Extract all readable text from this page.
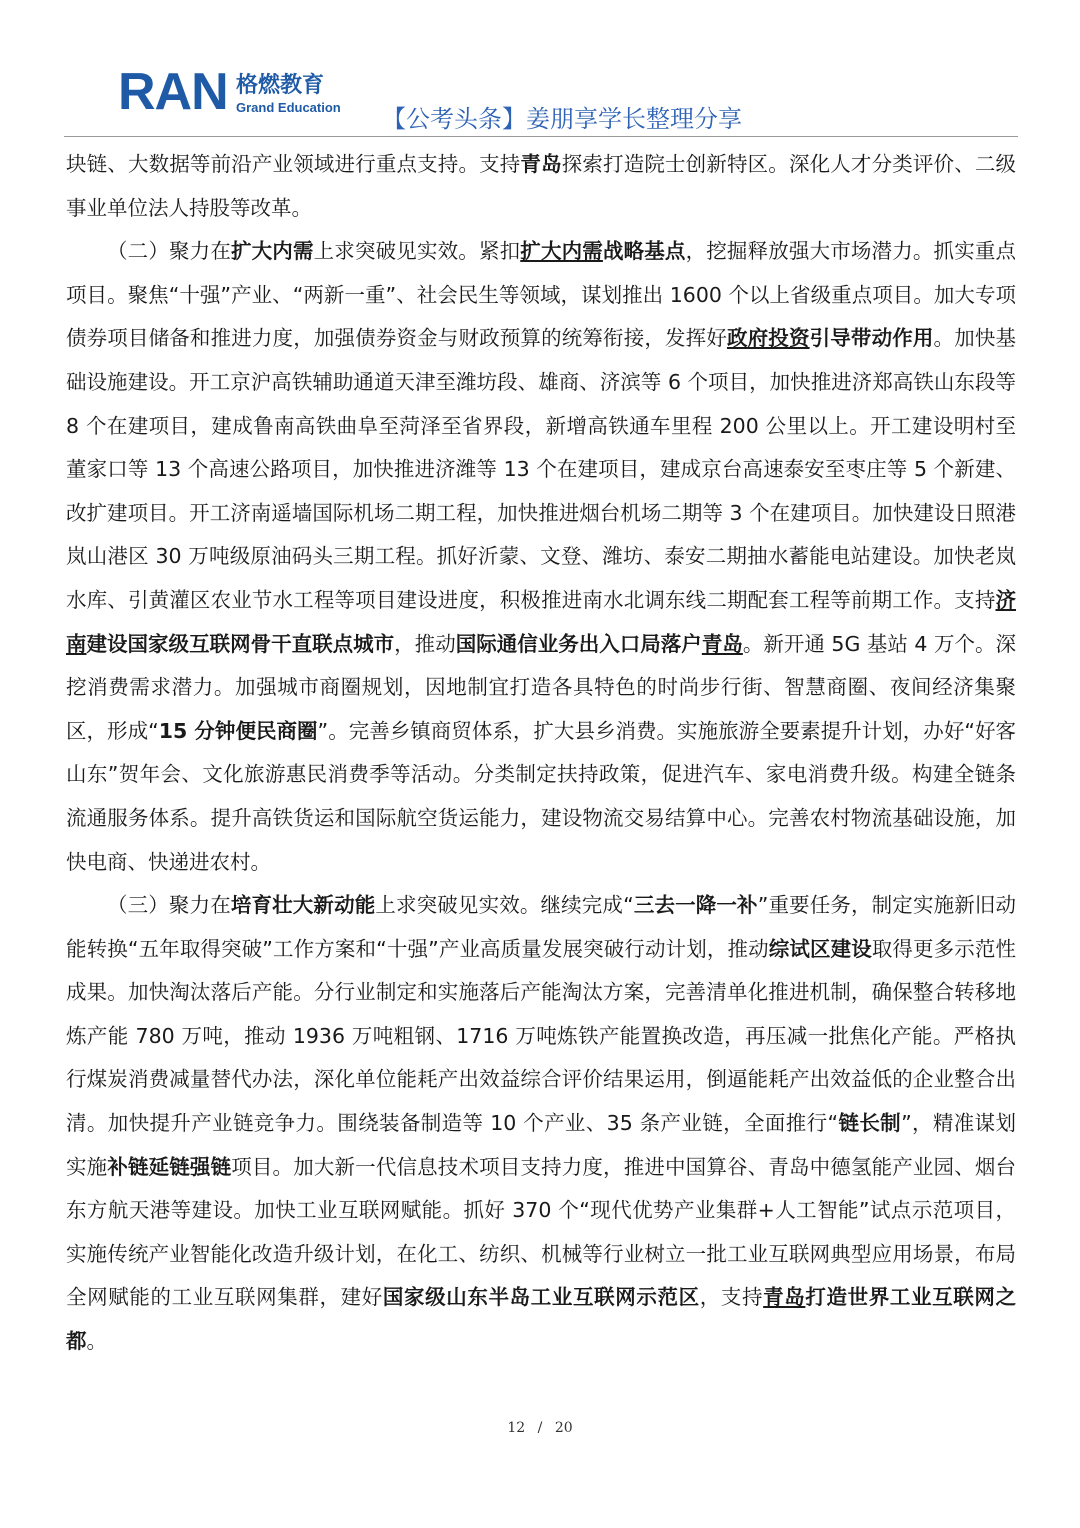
RAN 格燃教育
Grand Education 【公考头条】姜朋享学长整理分享

块链、大数据等前沿产业领域进行重点支持。支持青岛探索打造院士创新特区。深化人才分类评价、二级事业单位法人持股等改革。

（二）聚力在扩大内需上求突破见实效。紧扣扩大内需战略基点，挖掘释放强大市场潜力。抓实重点项目。聚焦“十强”产业、“两新一重”、社会民生等领域，谋划推出 1600 个以上省级重点项目。加大专项债券项目储备和推进力度，加强债券资金与财政预算的统筹衔接，发挥好政府投资引导带动作用。加快基础设施建设。开工京沪高铁辅助通道天津至潍坊段、雄商、济滨等 6 个项目，加快推进济郑高铁山东段等 8 个在建项目，建成鲁南高铁曲阜至菏泽至省界段，新增高铁通车里程 200 公里以上。开工建设明村至董家口等 13 个高速公路项目，加快推进济潍等 13 个在建项目，建成京台高速泰安至枣庄等 5 个新建、改扩建项目。开工济南遥墙国际机场二期工程，加快推进烟台机场二期等 3 个在建项目。加快建设日照港岚山港区 30 万吨级原油码头三期工程。抓好沂蒙、文登、潍坊、泰安二期抽水蓄能电站建设。加快老岚水库、引黄灌区农业节水工程等项目建设进度，积极推进南水北调东线二期配套工程等前期工作。支持济南建设国家级互联网骨干直联点城市，推动国际通信业务出入口局落户青岛。新开通 5G 基站 4 万个。深挖消费需求潜力。加强城市商圈规划，因地制宜打造各具特色的时尚步行街、智慧商圈、夜间经济集聚区，形成“15 分钟便民商圈”。完善乡镇商贸体系，扩大县乡消费。实施旅游全要素提升计划，办好“好客山东”贺年会、文化旅游惠民消费季等活动。分类制定扶持政策，促进汽车、家电消费升级。构建全链条流通服务体系。提升高铁货运和国际航空货运能力，建设物流交易结算中心。完善农村物流基础设施，加快电商、快递进农村。

（三）聚力在培育壮大新动能上求突破见实效。继续完成“三去一降一补”重要任务，制定实施新旧动能转换“五年取得突破”工作方案和“十强”产业高质量发展突破行动计划，推动综试区建设取得更多示范性成果。加快淘汰落后产能。分行业制定和实施落后产能淘汰方案，完善清单化推进机制，确保整合转移地炼产能 780 万吨，推动 1936 万吨粗钢、1716 万吨炼铁产能置换改造，再压减一批焦化产能。严格执行煤炭消费减量替代办法，深化单位能耗产出效益综合评价结果运用，倒逼能耗产出效益低的企业整合出清。加快提升产业链竞争力。围绕装备制造等 10 个产业、35 条产业链，全面推行“链长制”，精准谋划实施补链延链强链项目。加大新一代信息技术项目支持力度，推进中国算谷、青岛中德氢能产业园、烟台东方航天港等建设。加快工业互联网赋能。抓好 370 个“现代优势产业集群+人工智能”试点示范项目，实施传统产业智能化改造升级计划，在化工、纺织、机械等行业树立一批工业互联网典型应用场景，布局全网赋能的工业互联网集群，建好国家级山东半岛工业互联网示范区，支持青岛打造世界工业互联网之都。

12 / 20
